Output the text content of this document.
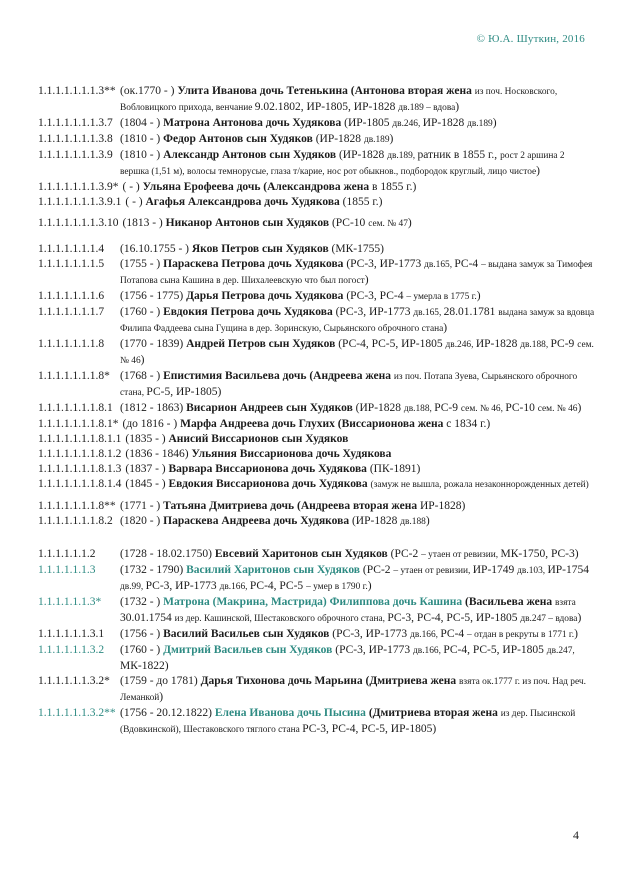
© Ю.А. Шуткин, 2016
1.1.1.1.1.1.1.3** (ок.1770 - ) Улита Иванова дочь Тетенькина (Антонова вторая жена из поч. Носковского, Вобловицкого прихода, венчание 9.02.1802, ИР-1805, ИР-1828 дв.189 – вдова)
1.1.1.1.1.1.1.3.7 (1804 - ) Матрона Антонова дочь Худякова (ИР-1805 дв.246, ИР-1828 дв.189)
1.1.1.1.1.1.1.3.8 (1810 - ) Федор Антонов сын Худяков (ИР-1828 дв.189)
1.1.1.1.1.1.1.3.9 (1810 - ) Александр Антонов сын Худяков (ИР-1828 дв.189, ратник в 1855 г., рост 2 аршина 2 вершка (1,51 м), волосы темнорусые, глаза т/карие, нос рот обыкнов., подбородок круглый, лицо чистое)
1.1.1.1.1.1.1.3.9* ( - ) Ульяна Ерофеева дочь (Александрова жена в 1855 г.)
1.1.1.1.1.1.1.3.9.1 ( - ) Агафья Александрова дочь Худякова (1855 г.)
1.1.1.1.1.1.1.3.10 (1813 - ) Никанор Антонов сын Худяков (РС-10 сем. № 47)
1.1.1.1.1.1.1.4 (16.10.1755 - ) Яков Петров сын Худяков (МК-1755)
1.1.1.1.1.1.1.5 (1755 - ) Параскева Петрова дочь Худякова (РС-3, ИР-1773 дв.165, РС-4 – выдана замуж за Тимофея Потапова сына Кашина в дер. Шихалеевскую что был погост)
1.1.1.1.1.1.1.6 (1756 - 1775) Дарья Петрова дочь Худякова (РС-3, РС-4 – умерла в 1775 г.)
1.1.1.1.1.1.1.7 (1760 - ) Евдокия Петрова дочь Худякова (РС-3, ИР-1773 дв.165, 28.01.1781 выдана замуж за вдовца Филипа Фаддеева сына Гущина в дер. Зоринскую, Сырьянского оброчного стана)
1.1.1.1.1.1.1.8 (1770 - 1839) Андрей Петров сын Худяков (РС-4, РС-5, ИР-1805 дв.246, ИР-1828 дв.188, РС-9 сем. № 46)
1.1.1.1.1.1.1.8* (1768 - ) Епистимия Васильева дочь (Андреева жена из поч. Потапа Зуева, Сырьянского оброчного стана, РС-5, ИР-1805)
1.1.1.1.1.1.1.8.1 (1812 - 1863) Висарион Андреев сын Худяков (ИР-1828 дв.188, РС-9 сем. № 46, РС-10 сем. № 46)
1.1.1.1.1.1.1.8.1* (до 1816 - ) Марфа Андреева дочь Глухих (Виссарионова жена с 1834 г.)
1.1.1.1.1.1.1.8.1.1 (1835 - ) Анисий Виссарионов сын Худяков
1.1.1.1.1.1.1.8.1.2 (1836 - 1846) Ульяния Виссарионова дочь Худякова
1.1.1.1.1.1.1.8.1.3 (1837 - ) Варвара Виссарионова дочь Худякова (ПК-1891)
1.1.1.1.1.1.1.8.1.4 (1845 - ) Евдокия Виссарионова дочь Худякова (замуж не вышла, рожала незаконнорожденных детей)
1.1.1.1.1.1.1.8** (1771 - ) Татьяна Дмитриева дочь (Андреева вторая жена ИР-1828)
1.1.1.1.1.1.1.8.2 (1820 - ) Параскева Андреева дочь Худякова (ИР-1828 дв.188)
1.1.1.1.1.1.2 (1728 - 18.02.1750) Евсевий Харитонов сын Худяков (РС-2 – утаен от ревизии, МК-1750, РС-3)
1.1.1.1.1.1.3 (1732 - 1790) Василий Харитонов сын Худяков (РС-2 – утаен от ревизии, ИР-1749 дв.103, ИР-1754 дв.99, РС-3, ИР-1773 дв.166, РС-4, РС-5 – умер в 1790 г.)
1.1.1.1.1.1.3* (1732 - ) Матрона (Макрина, Мастрида) Филиппова дочь Кашина (Васильева жена взята 30.01.1754 из дер. Кашинской, Шестаковского оброчного стана, РС-3, РС-4, РС-5, ИР-1805 дв.247 – вдова)
1.1.1.1.1.1.3.1 (1756 - ) Василий Васильев сын Худяков (РС-3, ИР-1773 дв.166, РС-4 – отдан в рекруты в 1771 г.)
1.1.1.1.1.1.3.2 (1760 - ) Дмитрий Васильев сын Худяков (РС-3, ИР-1773 дв.166, РС-4, РС-5, ИР-1805 дв.247, МК-1822)
1.1.1.1.1.1.3.2* (1759 - до 1781) Дарья Тихонова дочь Марьина (Дмитриева жена взята ок.1777 г. из поч. Над реч. Леманкой)
1.1.1.1.1.1.3.2** (1756 - 20.12.1822) Елена Иванова дочь Пысина (Дмитриева вторая жена из дер. Пысинской (Вдовкинской), Шестаковского тяглого стана РС-3, РС-4, РС-5, ИР-1805)
4
